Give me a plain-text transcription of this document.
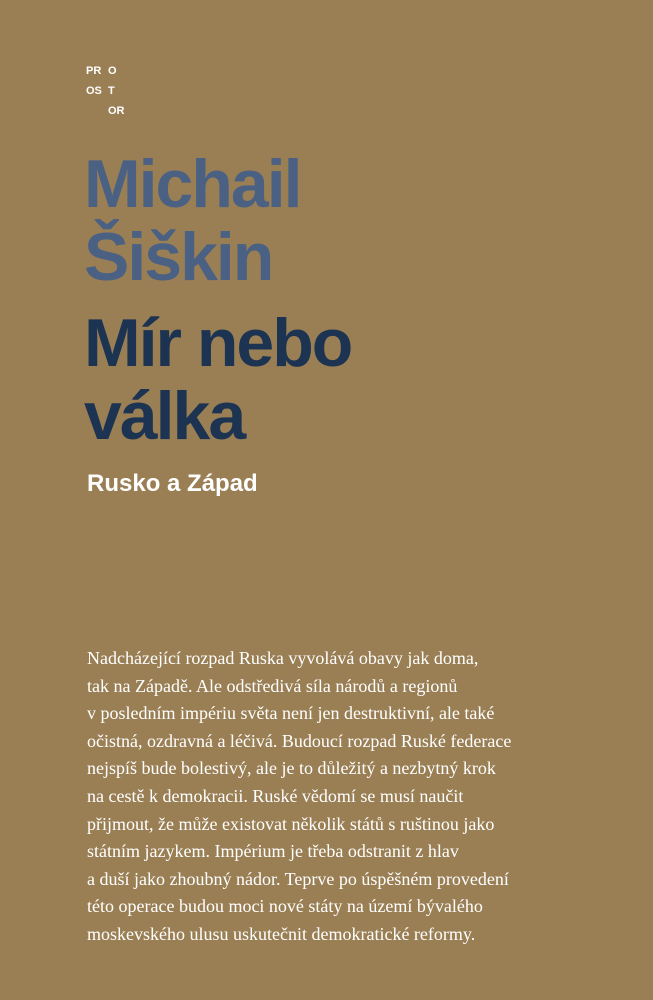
PR O
OS T
OR
Michail
Šiškin
Mír nebo
válka
Rusko a Západ
Nadcházející rozpad Ruska vyvolává obavy jak doma,
tak na Západě. Ale odstředivá síla národů a regionů
v posledním impériu světa není jen destruktivní, ale také
očistná, ozdravná a léčivá. Budoucí rozpad Ruské federace
nejspíš bude bolestivý, ale je to důležitý a nezbytný krok
na cestě k demokracii. Ruské vědomí se musí naučit
přijmout, že může existovat několik států s ruštinou jako
státním jazykem. Impérium je třeba odstranit z hlav
a duší jako zhoubný nádor. Teprve po úspěšném provedení
této operace budou moci nové státy na území bývalého
moskevského ulusu uskutečnit demokratické reformy.
